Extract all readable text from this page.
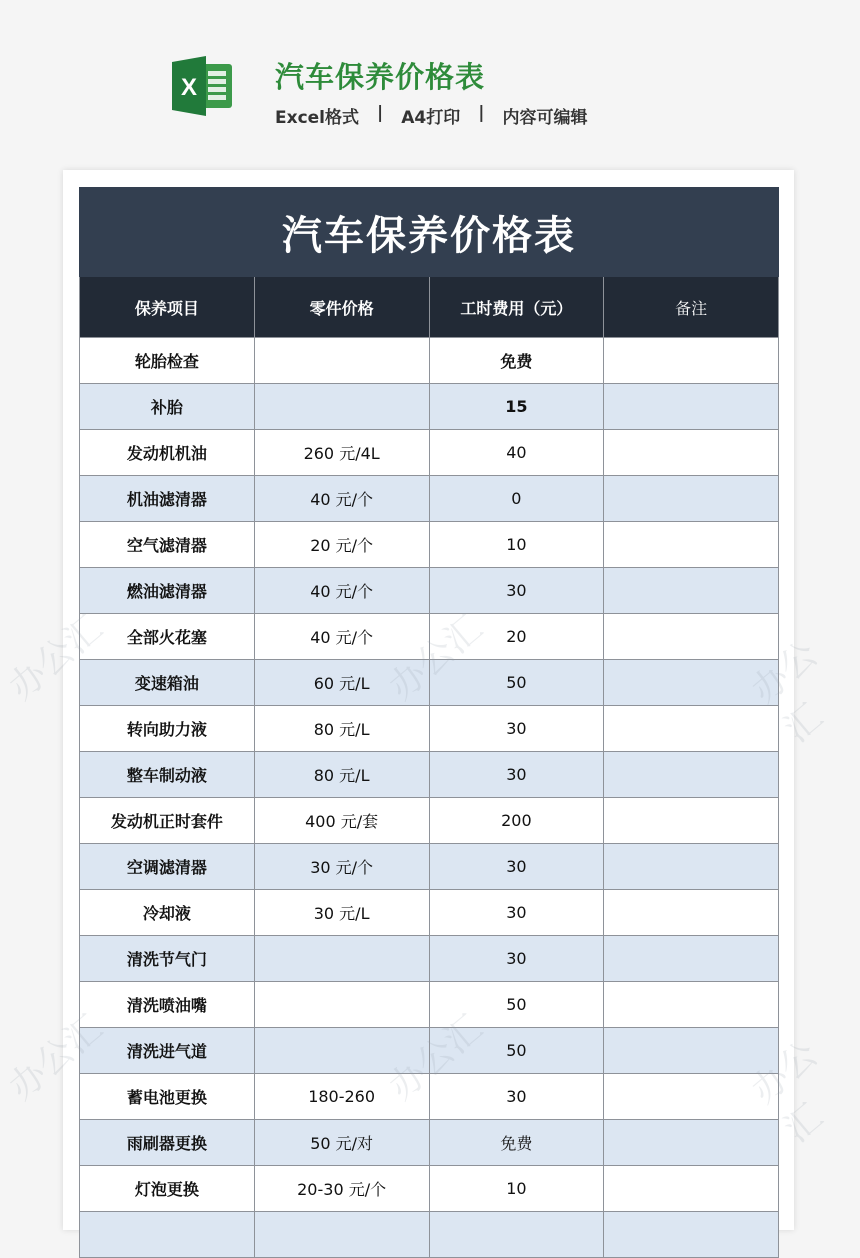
X	汽车保养价格表
Excel格式 | A4打印 | 内容可编辑
汽车保养价格表			
保养项目	零件价格	工时费用（元）	备注
轮胎检查		免费	
补胎		15	
发动机机油	260 元/4L	40	
机油滤清器	40 元/个	0	
空气滤清器	20 元/个	10	
燃油滤清器	40 元/个	30	
全部火花塞	40 元/个	20	
变速箱油	60 元/L	50	
转向助力液	80 元/L	30	
整车制动液	80 元/L	30	
发动机正时套件	400 元/套	200	
空调滤清器	30 元/个	30	
冷却液	30 元/L	30	
清洗节气门		30	
清洗喷油嘴		50	
清洗进气道		50	
蓄电池更换	180-260	30	
雨刷器更换	50 元/对	免费	
灯泡更换	20-30 元/个	10	

办公汇	办公汇
办公汇	办公汇
